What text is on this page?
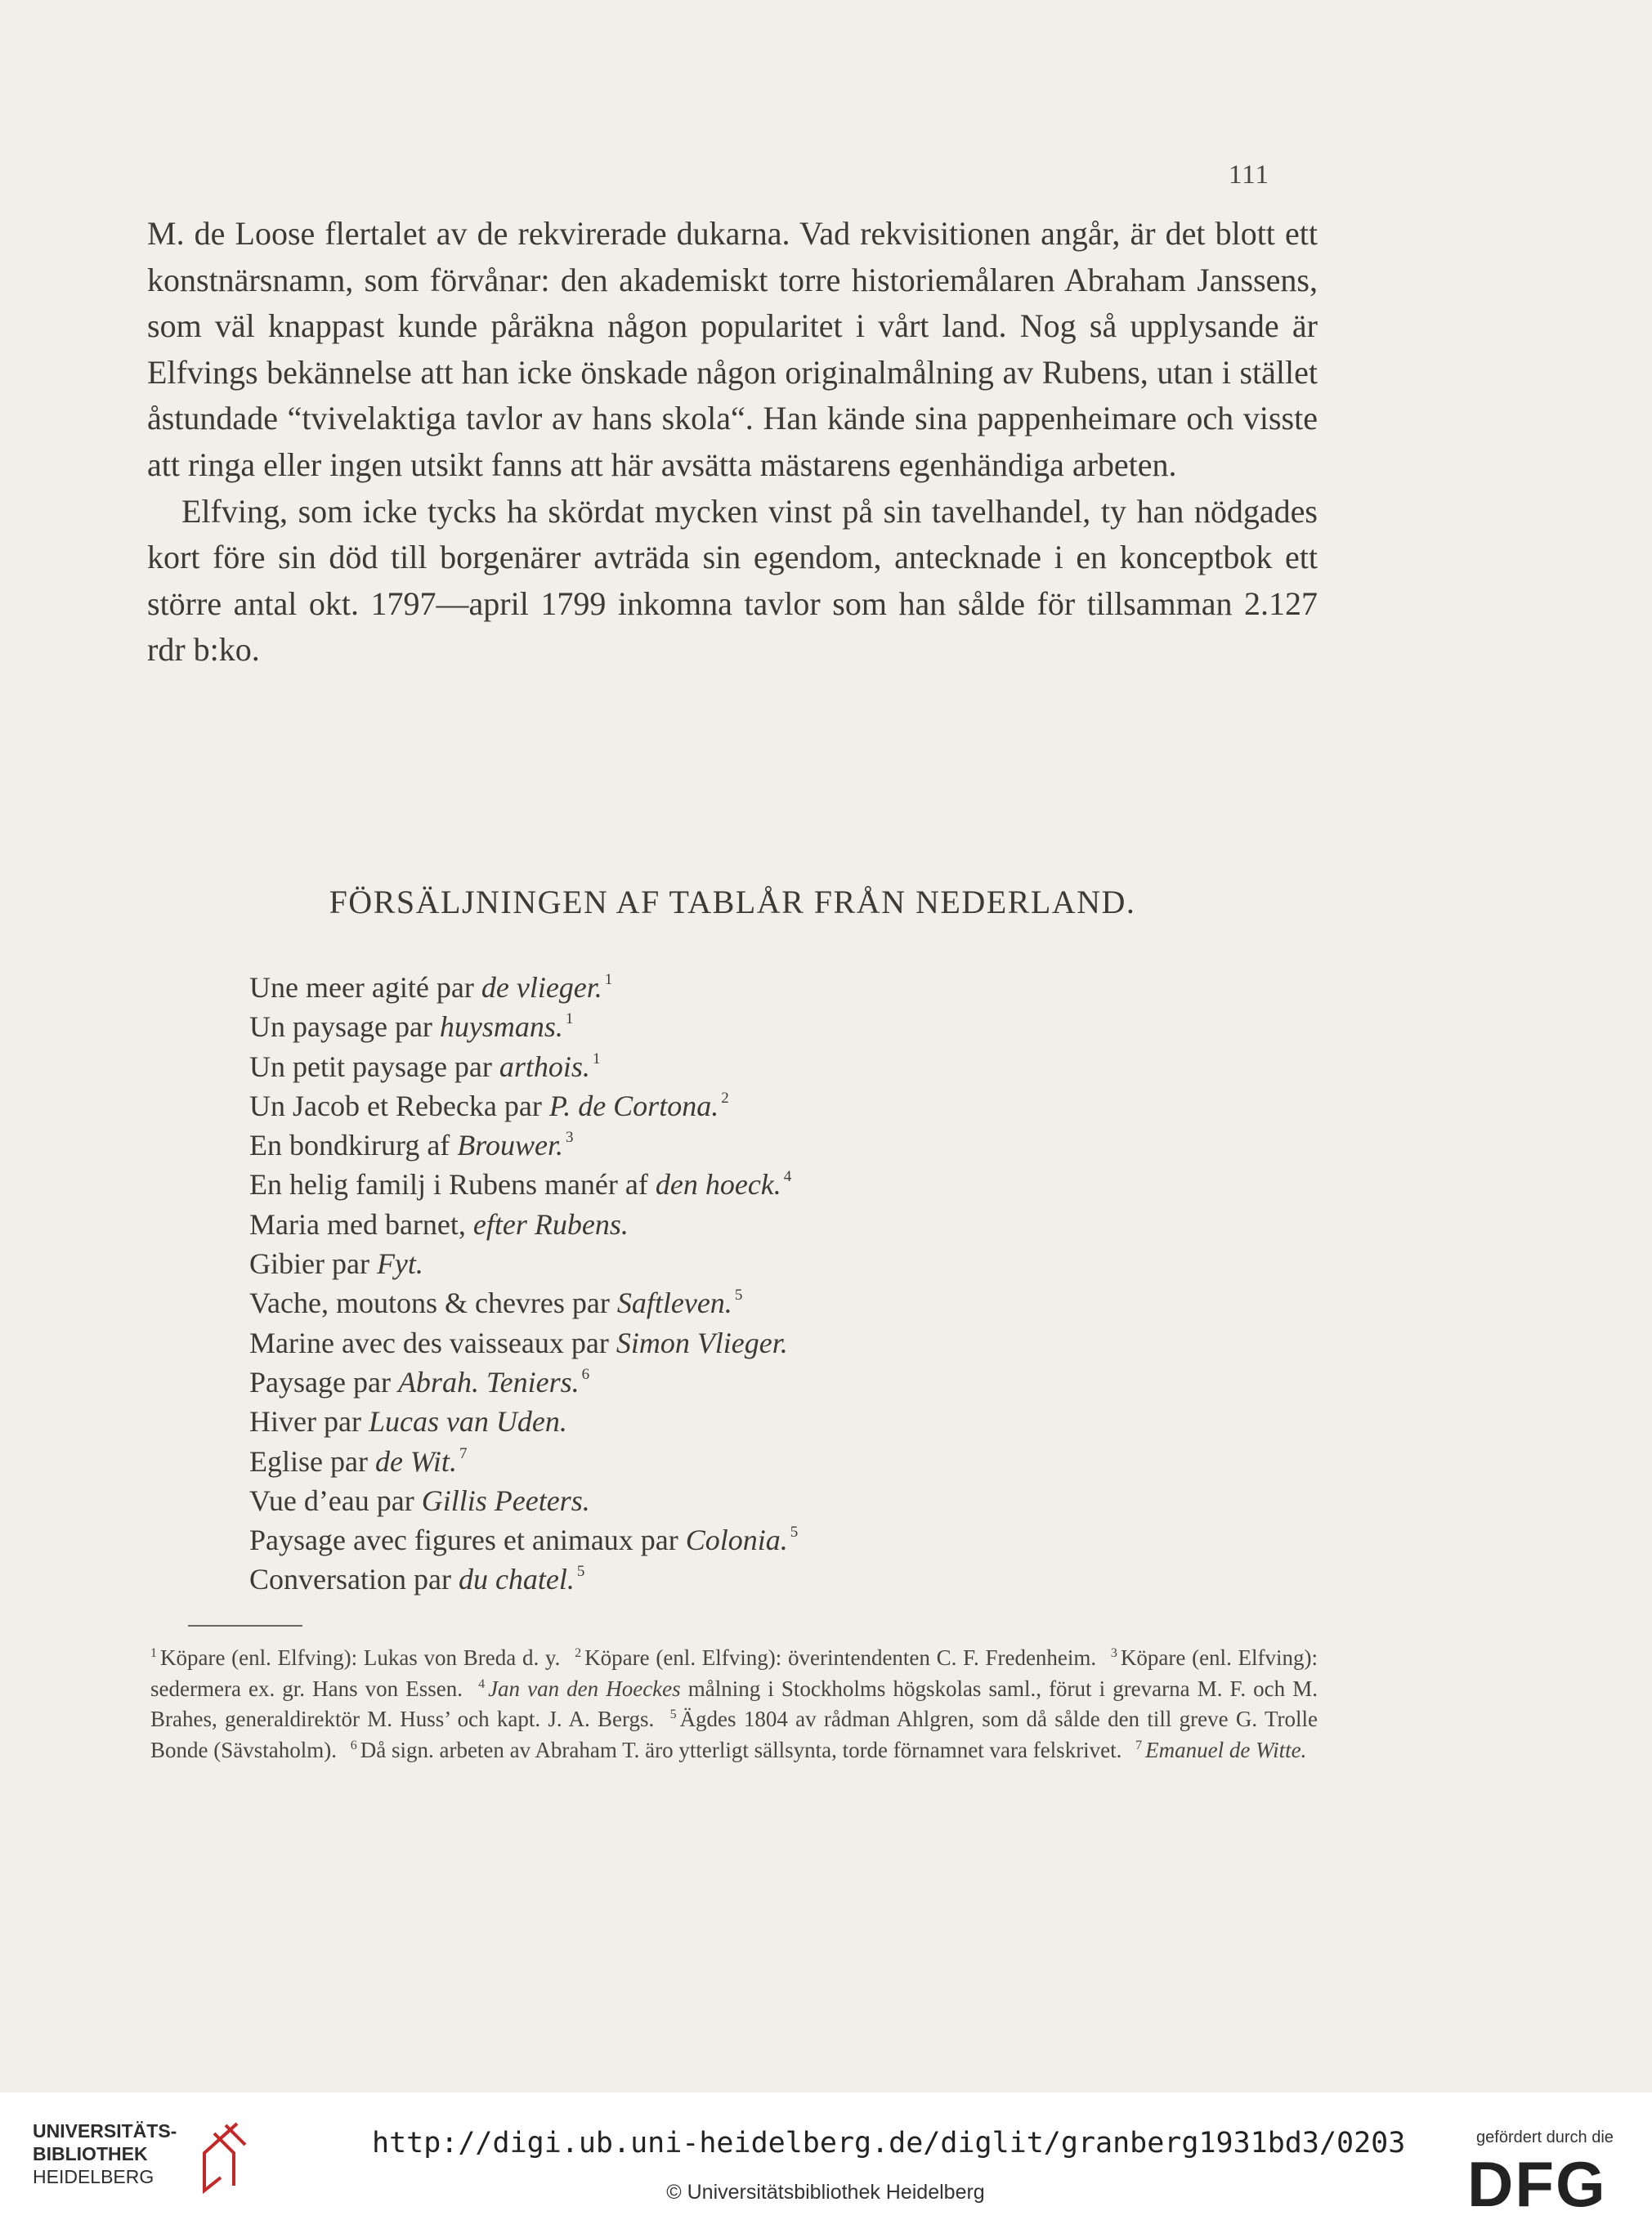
111

M. de Loose flertalet av de rekvirerade dukarna. Vad rekvisitionen angår, är det blott ett konstnärsnamn, som förvånar: den akademiskt torre historiemålaren Abraham Janssens, som väl knappast kunde påräkna någon popularitet i vårt land. Nog så upplysande är Elfvings bekännelse att han icke önskade någon originalmålning av Rubens, utan i stället åstundade “tvivelaktiga tavlor av hans skola“. Han kände sina pappenheimare och visste att ringa eller ingen utsikt fanns att här avsätta mästarens egenhändiga arbeten.

Elfving, som icke tycks ha skördat mycken vinst på sin tavelhandel, ty han nödgades kort före sin död till borgenärer avträda sin egendom, antecknade i en konceptbok ett större antal okt. 1797—april 1799 inkomna tavlor som han sålde för tillsamman 2.127 rdr b:ko.

FÖRSÄLJNINGEN AF TABLÅR FRÅN NEDERLAND.
Une meer agité par de vlieger. $^1$
Un paysage par huysmans. $^1$
Un petit paysage par arthois. $^1$
Un Jacob et Rebecka par P. de Cortona. $^2$
En bondkirurg af Brouwer. $^3$
En helig familj i Rubens manér af den hoeck. $^4$
Maria med barnet, efter Rubens.
Gibier par Fyt.
Vache, moutons & chevres par Saftleven. $^5$
Marine avec des vaisseaux par Simon Vlieger.
Paysage par Abrah. Teniers. $^6$
Hiver par Lucas van Uden.
Eglise par de Wit. $^7$
Vue d’eau par Gillis Peeters.
Paysage avec figures et animaux par Colonia. $^5$
Conversation par du chatel. $^5$
$^1$ Köpare (enl. Elfving): Lukas von Breda d. y. $^2$ Köpare (enl. Elfving): överintendenten C. F. Fredenheim. $^3$ Köpare (enl. Elfving): sedermera ex. gr. Hans von Essen. $^4$ Jan van den Hoeckes målning i Stockholms högskolas saml., förut i grevarna M. F. och M. Brahes, generaldirektör M. Huss’ och kapt. J. A. Bergs. $^5$ Ägdes 1804 av rådman Ahlgren, som då sålde den till greve G. Trolle Bonde (Sävstaholm). $^6$ Då sign. arbeten av Abraham T. äro ytterligt sällsynta, torde förnamnet vara felskrivet. $^7$ Emanuel de Witte.
UNIVERSITÄTS-
BIBLIOTHEK
HEIDELBERG
http://digi.ub.uni-heidelberg.de/diglit/granberg1931bd3/0203
© Universitätsbibliothek Heidelberg
gefördert durch die
DFG
